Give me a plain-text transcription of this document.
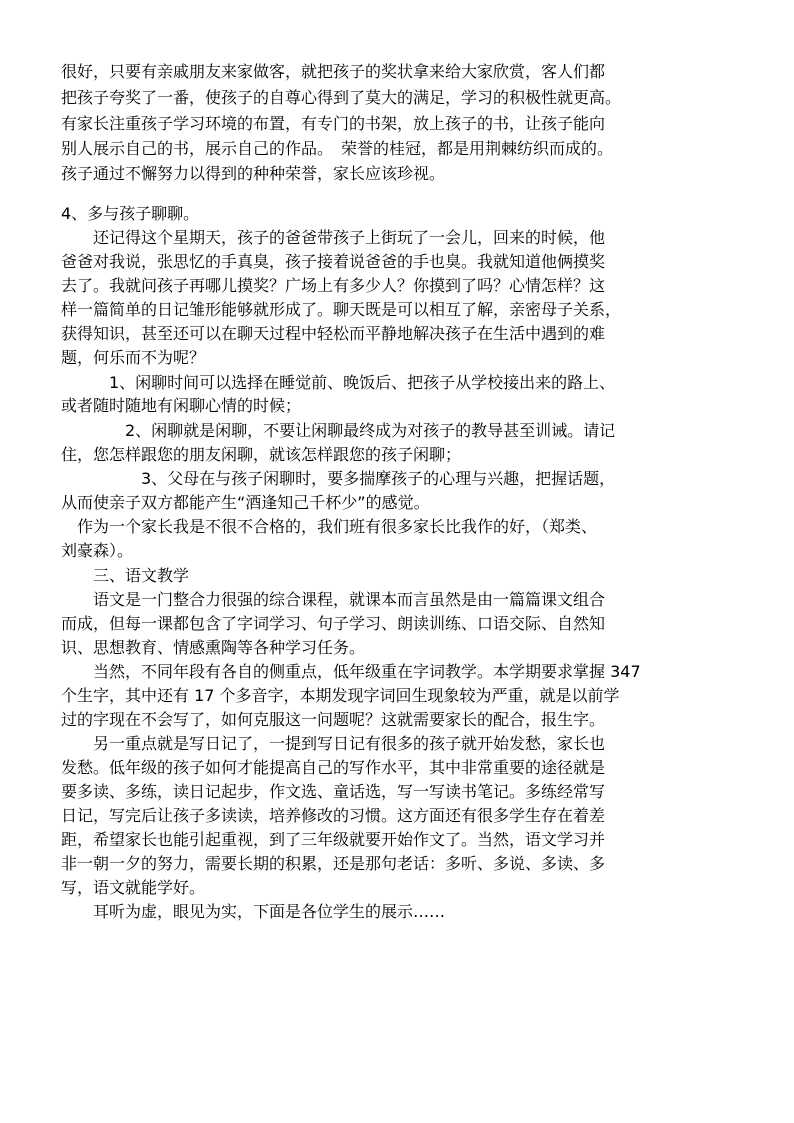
很好，只要有亲戚朋友来家做客，就把孩子的奖状拿来给大家欣赏，客人们都
把孩子夸奖了一番，使孩子的自尊心得到了莫大的满足，学习的积极性就更高。
有家长注重孩子学习环境的布置，有专门的书架，放上孩子的书，让孩子能向
别人展示自己的书，展示自己的作品。　荣誉的桂冠，都是用荆棘纺织而成的。
孩子通过不懈努力以得到的种种荣誉，家长应该珍视。
4、多与孩子聊聊。
　　还记得这个星期天，孩子的爸爸带孩子上街玩了一会儿，回来的时候，他
爸爸对我说，张思忆的手真臭，孩子接着说爸爸的手也臭。我就知道他俩摸奖
去了。我就问孩子再哪儿摸奖？广场上有多少人？你摸到了吗？心情怎样？这
样一篇简单的日记雏形能够就形成了。聊天既是可以相互了解，亲密母子关系，
获得知识，甚至还可以在聊天过程中轻松而平静地解决孩子在生活中遇到的难
题，何乐而不为呢？
　　　1、闲聊时间可以选择在睡觉前、晚饭后、把孩子从学校接出来的路上、
或者随时随地有闲聊心情的时候；
　　　　2、闲聊就是闲聊，不要让闲聊最终成为对孩子的教导甚至训诫。请记
住，您怎样跟您的朋友闲聊，就该怎样跟您的孩子闲聊；
　　　　　3、父母在与孩子闲聊时，要多揣摩孩子的心理与兴趣，把握话题，
从而使亲子双方都能产生“酒逢知己千杯少”的感觉。
　作为一个家长我是不很不合格的，我们班有很多家长比我作的好，（郑类、
刘豪森）。
　　三、语文教学
　　语文是一门整合力很强的综合课程，就课本而言虽然是由一篇篇课文组合
而成，但每一课都包含了字词学习、句子学习、朗读训练、口语交际、自然知
识、思想教育、情感熏陶等各种学习任务。
　　当然，不同年段有各自的侧重点，低年级重在字词教学。本学期要求掌握 347
个生字，其中还有 17 个多音字，本期发现字词回生现象较为严重，就是以前学
过的字现在不会写了，如何克服这一问题呢？这就需要家长的配合，报生字。
　　另一重点就是写日记了，一提到写日记有很多的孩子就开始发愁，家长也
发愁。低年级的孩子如何才能提高自己的写作水平，其中非常重要的途径就是
要多读、多练，读日记起步，作文选、童话选，写一写读书笔记。多练经常写
日记，写完后让孩子多读读，培养修改的习惯。这方面还有很多学生存在着差
距，希望家长也能引起重视，到了三年级就要开始作文了。当然，语文学习并
非一朝一夕的努力，需要长期的积累，还是那句老话：多听、多说、多读、多
写，语文就能学好。
　　耳听为虚，眼见为实，下面是各位学生的展示……
